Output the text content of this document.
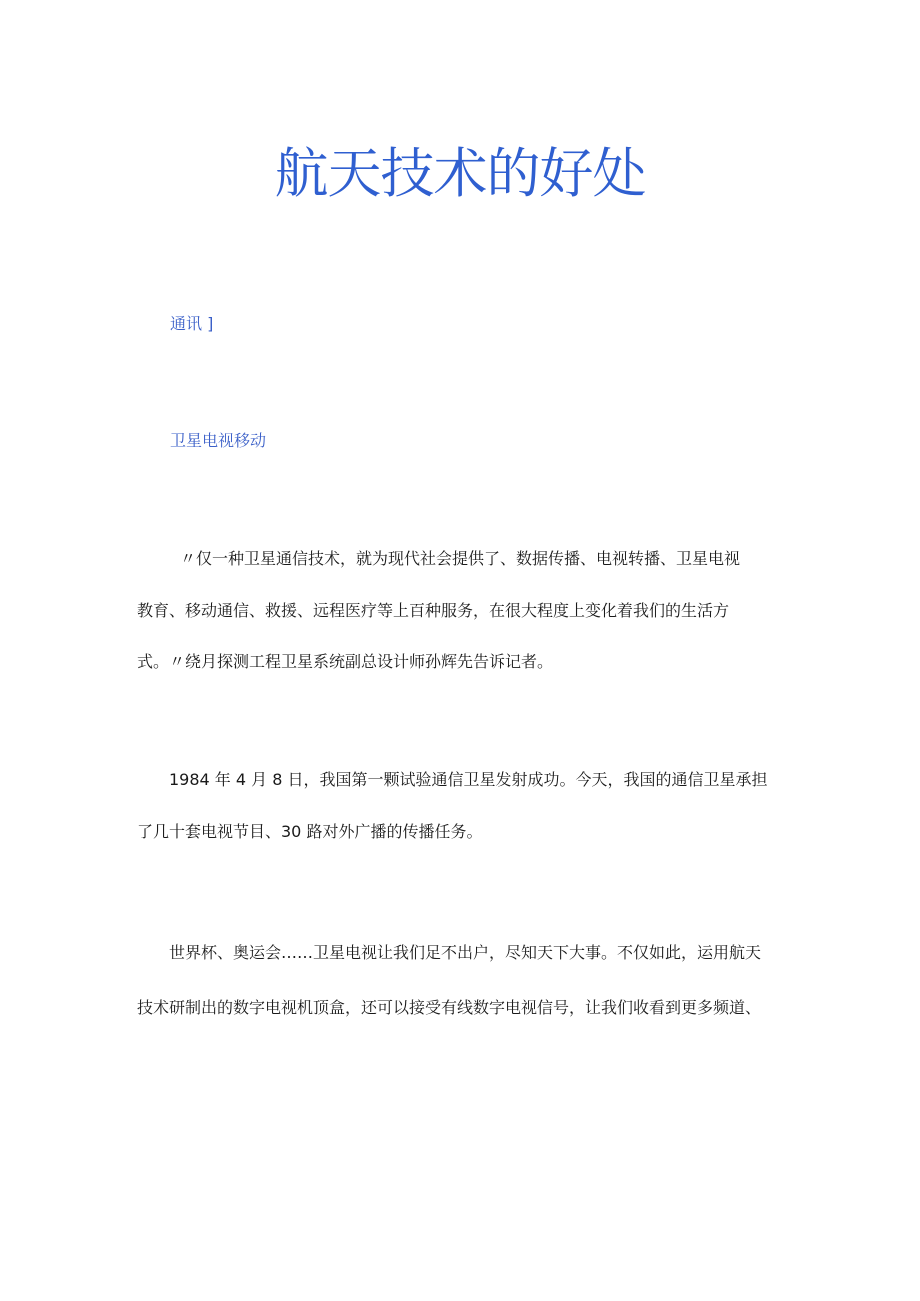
航天技术的好处
通讯 ]
卫星电视移动
〃仅一种卫星通信技术，就为现代社会提供了、数据传播、电视转播、卫星电视
教育、移动通信、救援、远程医疗等上百种服务，在很大程度上变化着我们的生活方
式。〃绕月探测工程卫星系统副总设计师孙辉先告诉记者。
1984 年 4 月 8 日，我国第一颗试验通信卫星发射成功。今天，我国的通信卫星承担
了几十套电视节目、30 路对外广播的传播任务。
世界杯、奥运会……卫星电视让我们足不出户，尽知天下大事。不仅如此，运用航天
技术研制出的数字电视机顶盒，还可以接受有线数字电视信号，让我们收看到更多频道、
